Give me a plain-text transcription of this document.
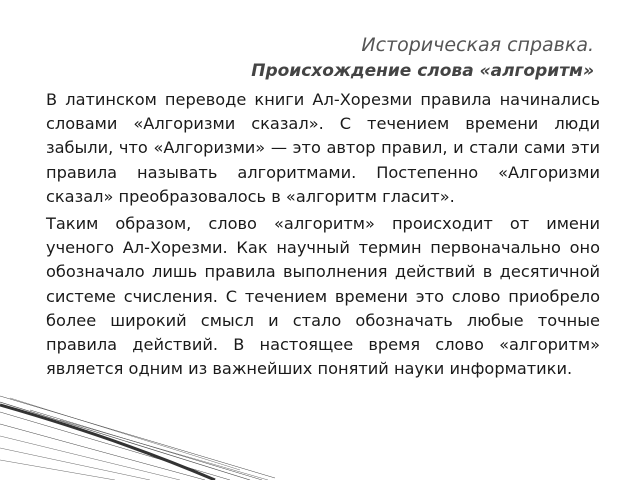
Историческая справка.
Происхождение слова «алгоритм»

В латинском переводе книги Ал-Хорезми правила начинались словами «Алгоризми сказал». С течением времени люди забыли, что «Алгоризми» — это автор правил, и стали сами эти правила называть алгоритмами. Постепенно «Алгоризми сказал» преобразовалось в «алгоритм гласит».

Таким образом, слово «алгоритм» происходит от имени ученого Ал-Хорезми. Как научный термин первоначально оно обозначало лишь правила выполнения действий в десятичной системе счисления. С течением времени это слово приобрело более широкий смысл и стало обозначать любые точные правила действий. В настоящее время слово «алгоритм» является одним из важнейших понятий науки информатики.
